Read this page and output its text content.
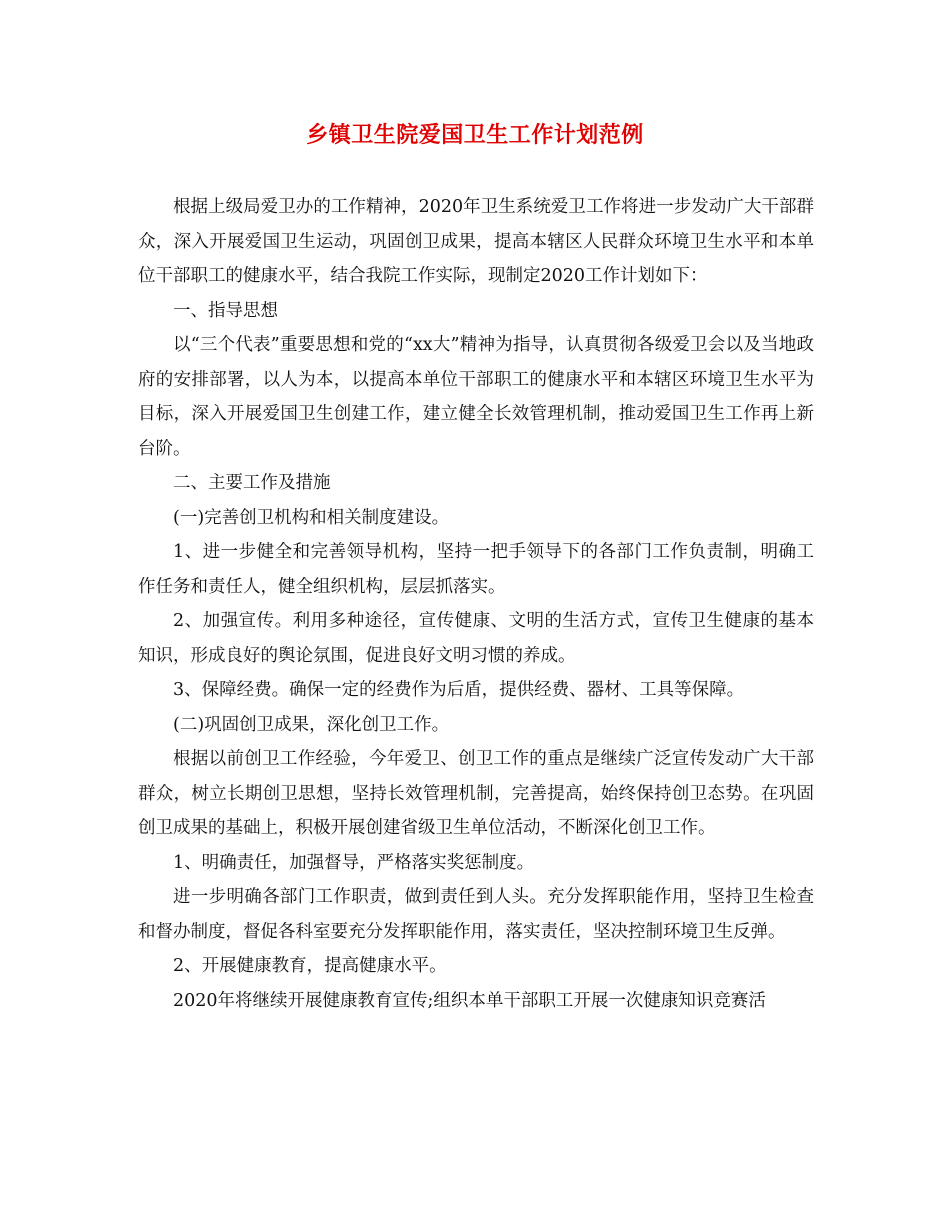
乡镇卫生院爱国卫生工作计划范例

根据上级局爱卫办的工作精神，2020年卫生系统爱卫工作将进一步发动广大干部群众，深入开展爱国卫生运动，巩固创卫成果，提高本辖区人民群众环境卫生水平和本单位干部职工的健康水平，结合我院工作实际，现制定2020工作计划如下：

一、指导思想

以“三个代表”重要思想和党的“xx大”精神为指导，认真贯彻各级爱卫会以及当地政府的安排部署，以人为本，以提高本单位干部职工的健康水平和本辖区环境卫生水平为目标，深入开展爱国卫生创建工作，建立健全长效管理机制，推动爱国卫生工作再上新台阶。

二、主要工作及措施

(一)完善创卫机构和相关制度建设。

1、进一步健全和完善领导机构，坚持一把手领导下的各部门工作负责制，明确工作任务和责任人，健全组织机构，层层抓落实。

2、加强宣传。利用多种途径，宣传健康、文明的生活方式，宣传卫生健康的基本知识，形成良好的舆论氛围，促进良好文明习惯的养成。

3、保障经费。确保一定的经费作为后盾，提供经费、器材、工具等保障。

(二)巩固创卫成果，深化创卫工作。

根据以前创卫工作经验，今年爱卫、创卫工作的重点是继续广泛宣传发动广大干部群众，树立长期创卫思想，坚持长效管理机制，完善提高，始终保持创卫态势。在巩固创卫成果的基础上，积极开展创建省级卫生单位活动，不断深化创卫工作。

1、明确责任，加强督导，严格落实奖惩制度。

进一步明确各部门工作职责，做到责任到人头。充分发挥职能作用，坚持卫生检查和督办制度，督促各科室要充分发挥职能作用，落实责任，坚决控制环境卫生反弹。

2、开展健康教育，提高健康水平。

2020年将继续开展健康教育宣传;组织本单干部职工开展一次健康知识竞赛活
